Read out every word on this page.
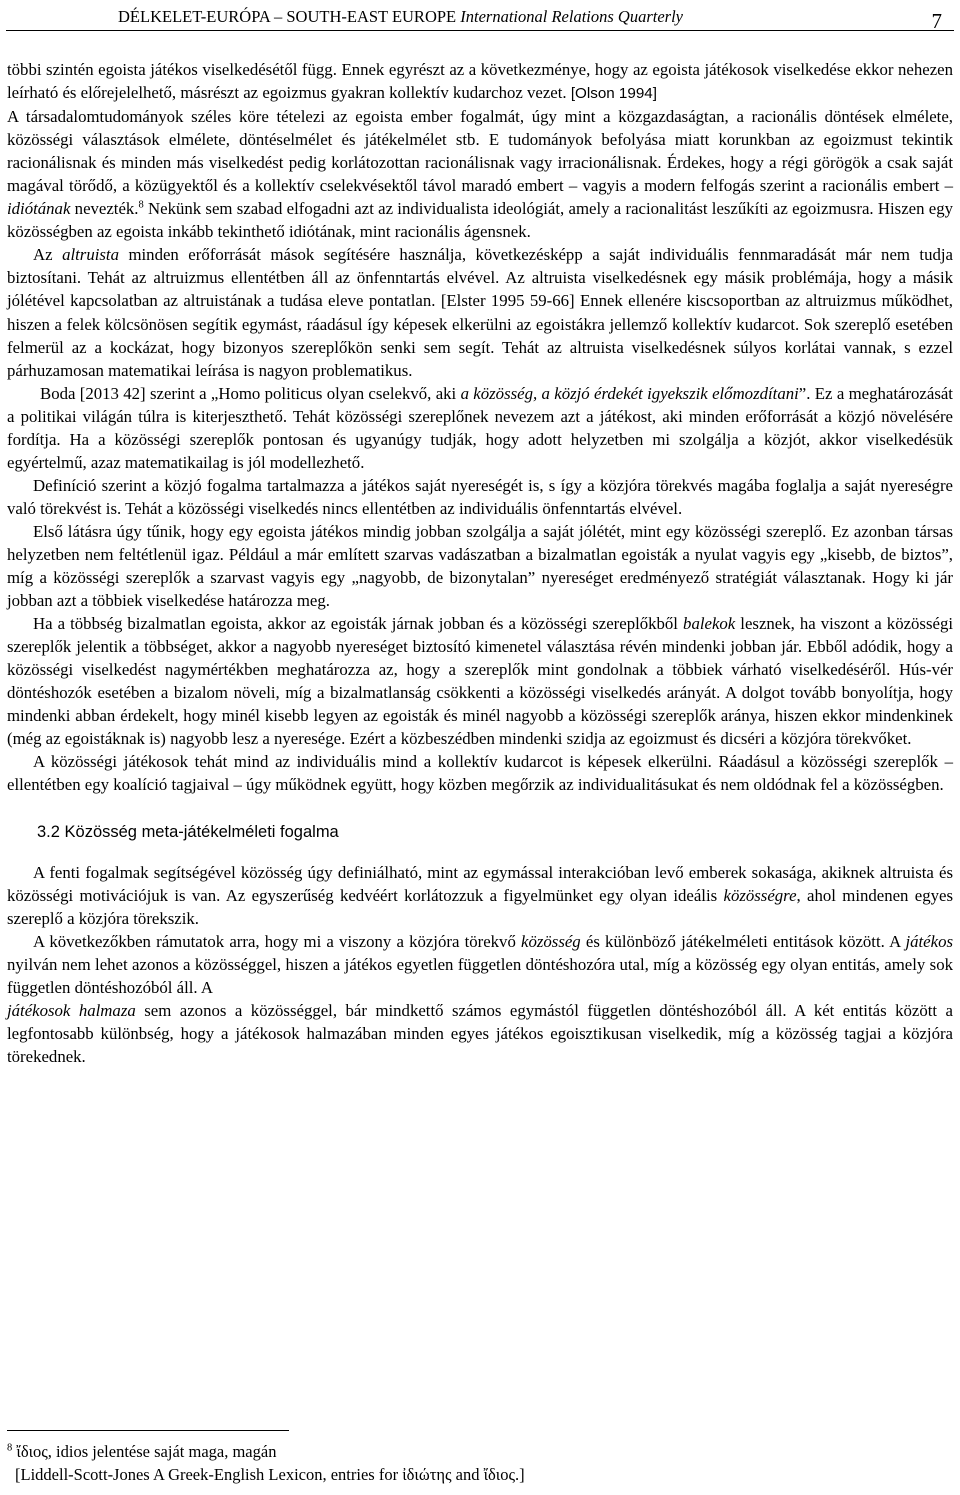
DÉLKELET-EURÓPA – SOUTH-EAST EUROPE International Relations Quarterly	7

többi szintén egoista játékos viselkedésétől függ. Ennek egyrészt az a következménye, hogy az egoista játékosok viselkedése ekkor nehezen leírható és előrejelelhető, másrészt az egoizmus gyakran kollektív kudarchoz vezet. [Olson 1994]
A társadalomtudományok széles köre tételezi az egoista ember fogalmát, úgy mint a közgazdaságtan, a racionális döntések elmélete, közösségi választások elmélete, döntéselmélet és játékelmélet stb. E tudományok befolyása miatt korunkban az egoizmust tekintik racionálisnak és minden más viselkedést pedig korlátozottan racionálisnak vagy irracionálisnak. Érdekes, hogy a régi görögök a csak saját magával törődő, a közügyektől és a kollektív cselekvésektől távol maradó embert – vagyis a modern felfogás szerint a racionális embert – idiótának nevezték.$^8$ Nekünk sem szabad elfogadni azt az individualista ideológiát, amely a racionalitást leszűkíti az egoizmusra. Hiszen egy közösségben az egoista inkább tekinthető idiótának, mint racionális ágensnek.

Az altruista minden erőforrását mások segítésére használja, következésképp a saját individuális fennmaradását már nem tudja biztosítani. Tehát az altruizmus ellentétben áll az önfenntartás elvével. Az altruista viselkedésnek egy másik problémája, hogy a másik jólétével kapcsolatban az altruistának a tudása eleve pontatlan. [Elster 1995 59-66] Ennek ellenére kiscsoportban az altruizmus működhet, hiszen a felek kölcsönösen segítik egymást, ráadásul így képesek elkerülni az egoistákra jellemző kollektív kudarcot. Sok szereplő esetében felmerül az a kockázat, hogy bizonyos szereplőkön senki sem segít. Tehát az altruista viselkedésnek súlyos korlátai vannak, s ezzel párhuzamosan matematikai leírása is nagyon problematikus.

Boda [2013 42] szerint a „Homo politicus olyan cselekvő, aki a közösség, a közjó érdekét igyekszik előmozdítani”. Ez a meghatározását a politikai világán túlra is kiterjeszthető. Tehát közösségi szereplőnek nevezem azt a játékost, aki minden erőforrását a közjó növelésére fordítja. Ha a közösségi szereplők pontosan és ugyanúgy tudják, hogy adott helyzetben mi szolgálja a közjót, akkor viselkedésük egyértelmű, azaz matematikailag is jól modellezhető.

Definíció szerint a közjó fogalma tartalmazza a játékos saját nyereségét is, s így a közjóra törekvés magába foglalja a saját nyereségre való törekvést is. Tehát a közösségi viselkedés nincs ellentétben az individuális önfenntartás elvével.

Első látásra úgy tűnik, hogy egy egoista játékos mindig jobban szolgálja a saját jólétét, mint egy közösségi szereplő. Ez azonban társas helyzetben nem feltétlenül igaz. Például a már említett szarvas vadászatban a bizalmatlan egoisták a nyulat vagyis egy „kisebb, de biztos”, míg a közösségi szereplők a szarvast vagyis egy „nagyobb, de bizonytalan” nyereséget eredményező stratégiát választanak. Hogy ki jár jobban azt a többiek viselkedése határozza meg.

Ha a többség bizalmatlan egoista, akkor az egoisták járnak jobban és a közösségi szereplőkből balekok lesznek, ha viszont a közösségi szereplők jelentik a többséget, akkor a nagyobb nyereséget biztosító kimenetel választása révén mindenki jobban jár. Ebből adódik, hogy a közösségi viselkedést nagymértékben meghatározza az, hogy a szereplők mint gondolnak a többiek várható viselkedéséről. Hús-vér döntéshozók esetében a bizalom növeli, míg a bizalmatlanság csökkenti a közösségi viselkedés arányát. A dolgot tovább bonyolítja, hogy mindenki abban érdekelt, hogy minél kisebb legyen az egoisták és minél nagyobb a közösségi szereplők aránya, hiszen ekkor mindenkinek (még az egoistáknak is) nagyobb lesz a nyeresége. Ezért a közbeszédben mindenki szidja az egoizmust és dicséri a közjóra törekvőket.

A közösségi játékosok tehát mind az individuális mind a kollektív kudarcot is képesek elkerülni. Ráadásul a közösségi szereplők – ellentétben egy koalíció tagjaival – úgy működnek együtt, hogy közben megőrzik az individualitásukat és nem oldódnak fel a közösségben.

3.2 Közösség meta-játékelméleti fogalma

A fenti fogalmak segítségével közösség úgy definiálható, mint az egymással interakcióban levő emberek sokasága, akiknek altruista és közösségi motivációjuk is van. Az egyszerűség kedvéért korlátozzuk a figyelmünket egy olyan ideális közösségre, ahol mindenen egyes szereplő a közjóra törekszik.

A következőkben rámutatok arra, hogy mi a viszony a közjóra törekvő közösség és különböző játékelméleti entitások között. A játékos nyilván nem lehet azonos a közösséggel, hiszen a játékos egyetlen független döntéshozóra utal, míg a közösség egy olyan entitás, amely sok független döntéshozóból áll. A
játékosok halmaza sem azonos a közösséggel, bár mindkettő számos egymástól független döntéshozóból áll. A két entitás között a legfontosabb különbség, hogy a játékosok halmazában minden egyes játékos egoisztikusan viselkedik, míg a közösség tagjai a közjóra törekednek.

$^8$ ἴδιος, idios jelentése saját maga, magán

[Liddell-Scott-Jones A Greek-English Lexicon, entries for ἰδιώτης and ἴδιος.]
